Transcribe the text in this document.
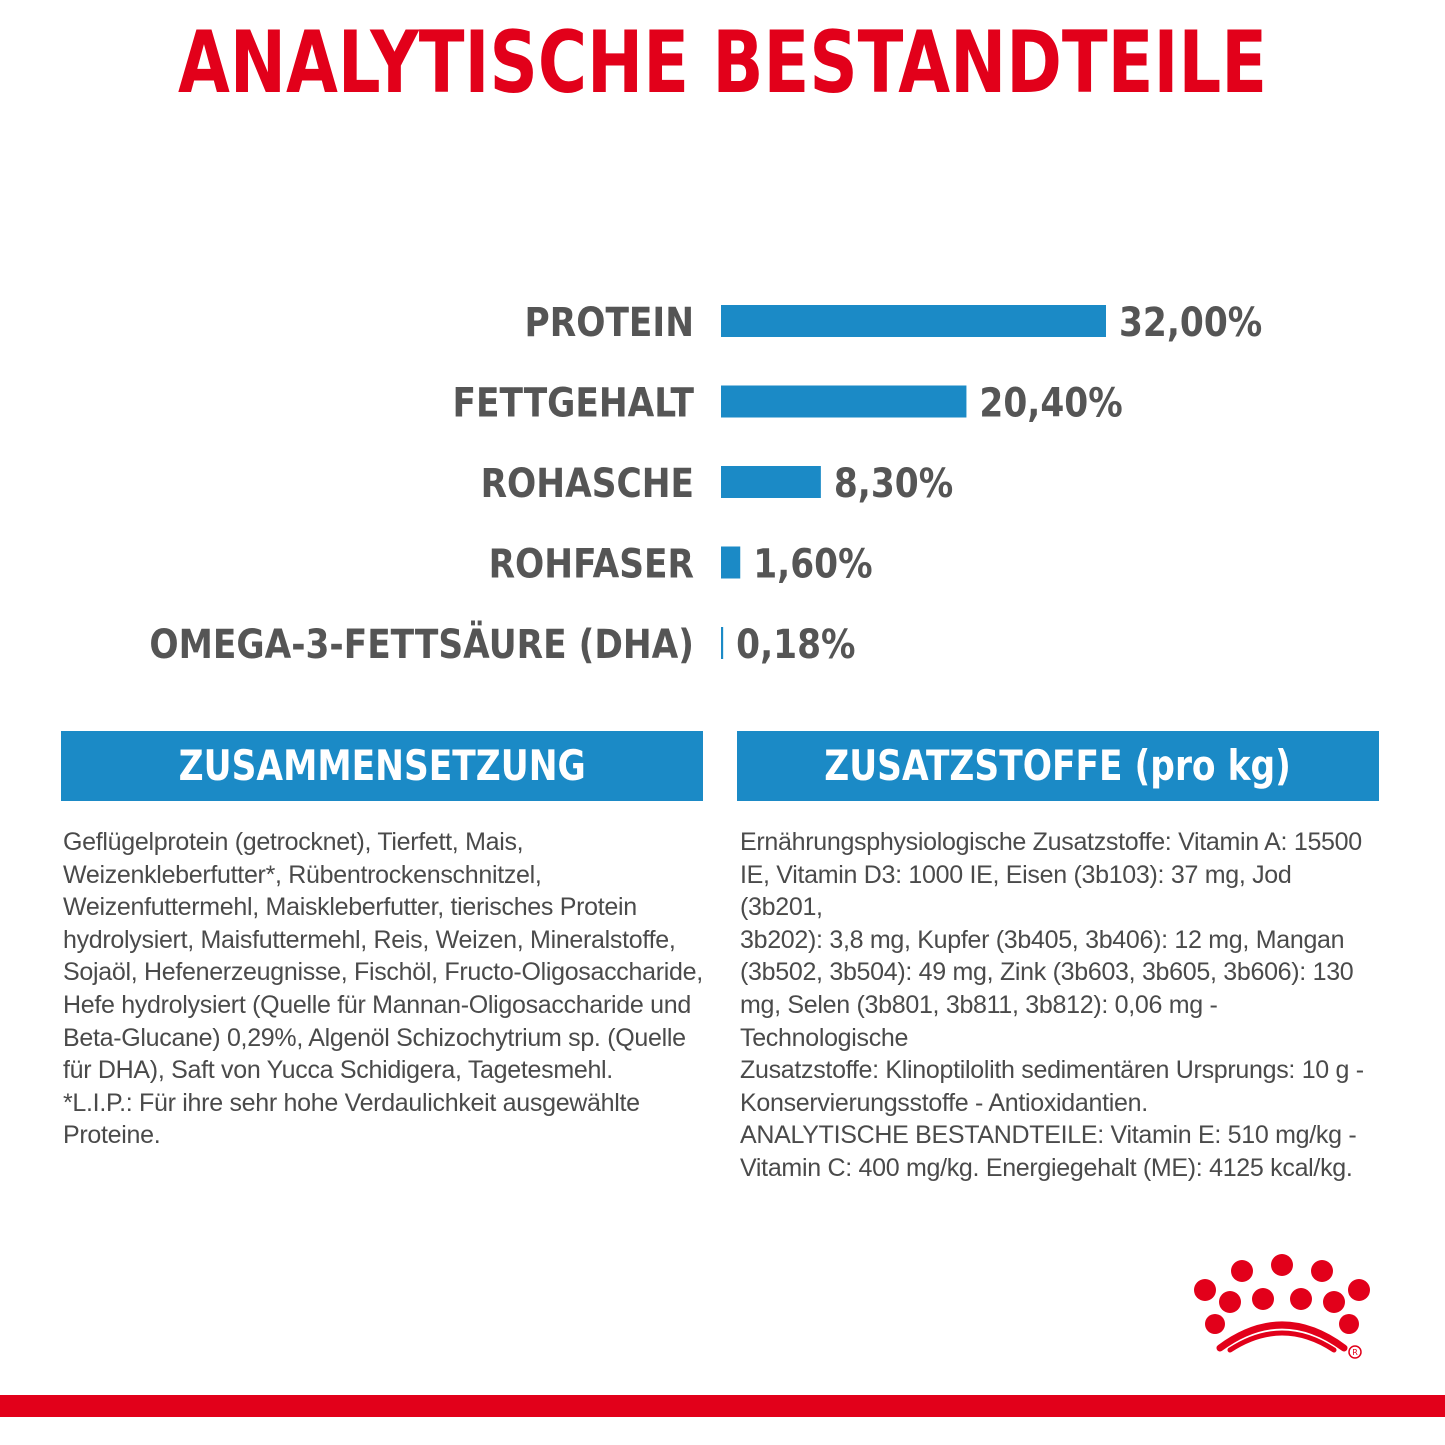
ANALYTISCHE BESTANDTEILE
PROTEIN	32,00%
FETTGEHALT	20,40%
ROHASCHE	8,30%
ROHFASER 1,60%
OMEGA-3-FETTSÄURE (DHA) 0,18%
ZUSAMMENSETZUNG	ZUSATZSTOFFE (pro kg)
Geflügelprotein (getrocknet), Tierfett, Mais,
Weizenkleberfutter*, Rübentrockenschnitzel,
Weizenfuttermehl, Maiskleberfutter, tierisches Protein
hydrolysiert, Maisfuttermehl, Reis, Weizen, Mineralstoffe,
Sojaöl, Hefenerzeugnisse, Fischöl, Fructo-Oligosaccharide,
Hefe hydrolysiert (Quelle für Mannan-Oligosaccharide und
Beta-Glucane) 0,29%, Algenöl Schizochytrium sp. (Quelle
für DHA), Saft von Yucca Schidigera, Tagetesmehl.
*L.I.P.: Für ihre sehr hohe Verdaulichkeit ausgewählte
Proteine.
Ernährungsphysiologische Zusatzstoffe: Vitamin A: 15500
IE, Vitamin D3: 1000 IE, Eisen (3b103): 37 mg, Jod (3b201,
3b202): 3,8 mg, Kupfer (3b405, 3b406): 12 mg, Mangan
(3b502, 3b504): 49 mg, Zink (3b603, 3b605, 3b606): 130
mg, Selen (3b801, 3b811, 3b812): 0,06 mg - Technologische
Zusatzstoffe: Klinoptilolith sedimentären Ursprungs: 10 g -
Konservierungsstoffe - Antioxidantien.
ANALYTISCHE BESTANDTEILE: Vitamin E: 510 mg/kg -
Vitamin C: 400 mg/kg. Energiegehalt (ME): 4125 kcal/kg.
R
